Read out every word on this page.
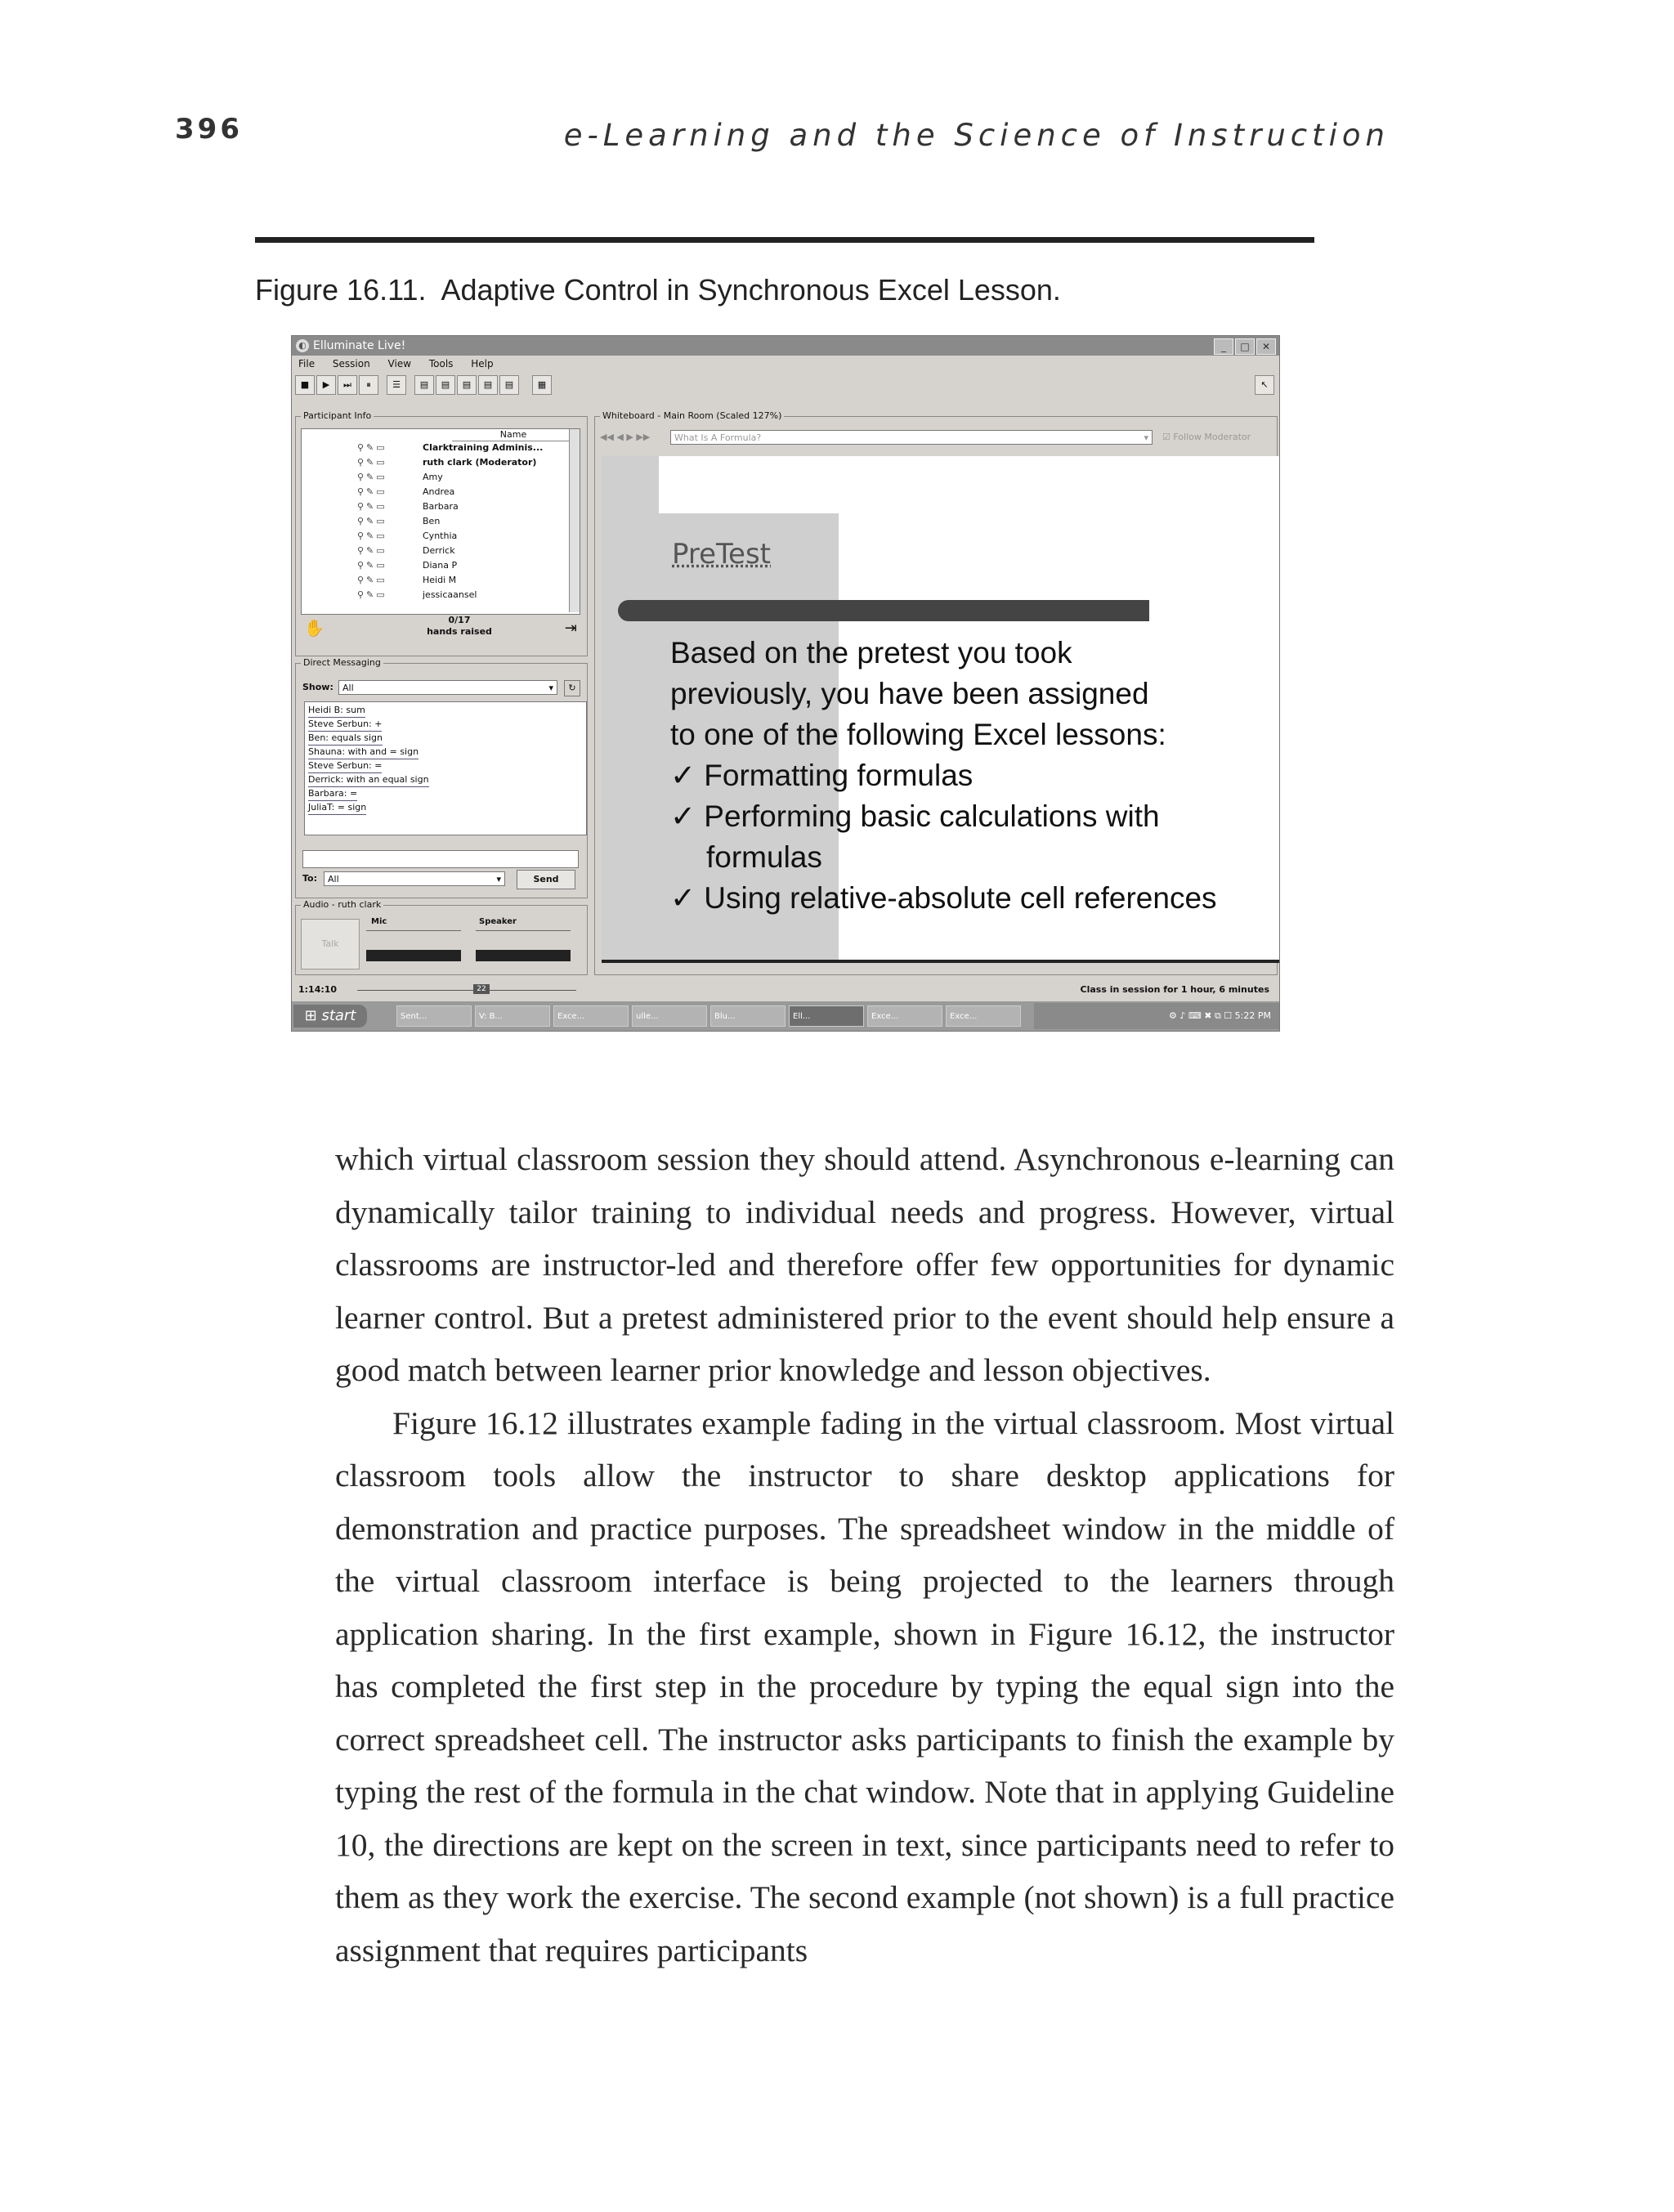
396	e-Learning and the Science of Instruction
Figure 16.11. Adaptive Control in Synchronous Excel Lesson.
◐ Elluminate Live!	_	□	✕
File Session View Tools Help
■	▶	⏭	⏸	☰	▤	▤	▤	▤	▤	▦	↖
Participant Info
Name
⚲✎▭	Clarktraining Adminis...
⚲✎▭	ruth clark (Moderator)
⚲✎▭	Amy
⚲✎▭	Andrea
⚲✎▭	Barbara
⚲✎▭	Ben
⚲✎▭	Cynthia
⚲✎▭	Derrick
⚲✎▭	Diana P
⚲✎▭	Heidi M
⚲✎▭	jessicaansel
✋	0/17
hands raised	⇥
Direct Messaging
Show:	All	▾	↻
Heidi B: sum
Steve Serbun: +
Ben: equals sign
Shauna: with and = sign
Steve Serbun: =
Derrick: with an equal sign
Barbara: =
JuliaT: = sign
To:	All	▾	Send
Audio - ruth clark
Talk
Mic	Speaker
Whiteboard - Main Room (Scaled 127%)
◀◀ ◀ ▶ ▶▶	What Is A Formula?	▾ ☑ Follow Moderator
PreTest
Based on the pretest you took
previously, you have been assigned
to one of the following Excel lessons:
✓ Formatting formulas
✓ Performing basic calculations with
formulas
✓ Using relative-absolute cell references
1:14:10	22	Class in session for 1 hour, 6 minutes
⊞ start	Sent...	V: B...	Exce...	ulle...	Blu...	Ell...	Exce...	Exce...	⚙ ♪ ⌨ ✖ ⧉ ☐ 5:22 PM

which virtual classroom session they should attend. Asynchronous e-learning can dynamically tailor training to individual needs and progress. However, virtual classrooms are instructor-led and therefore offer few opportunities for dynamic learner control. But a pretest administered prior to the event should help ensure a good match between learner prior knowledge and lesson objectives.

Figure 16.12 illustrates example fading in the virtual classroom. Most virtual classroom tools allow the instructor to share desktop applications for demonstration and practice purposes. The spreadsheet window in the middle of the virtual classroom interface is being projected to the learners through application sharing. In the first example, shown in Figure 16.12, the instructor has completed the first step in the procedure by typing the equal sign into the correct spreadsheet cell. The instructor asks participants to finish the example by typing the rest of the formula in the chat window. Note that in applying Guideline 10, the directions are kept on the screen in text, since participants need to refer to them as they work the exercise. The second example (not shown) is a full practice assignment that requires participants
